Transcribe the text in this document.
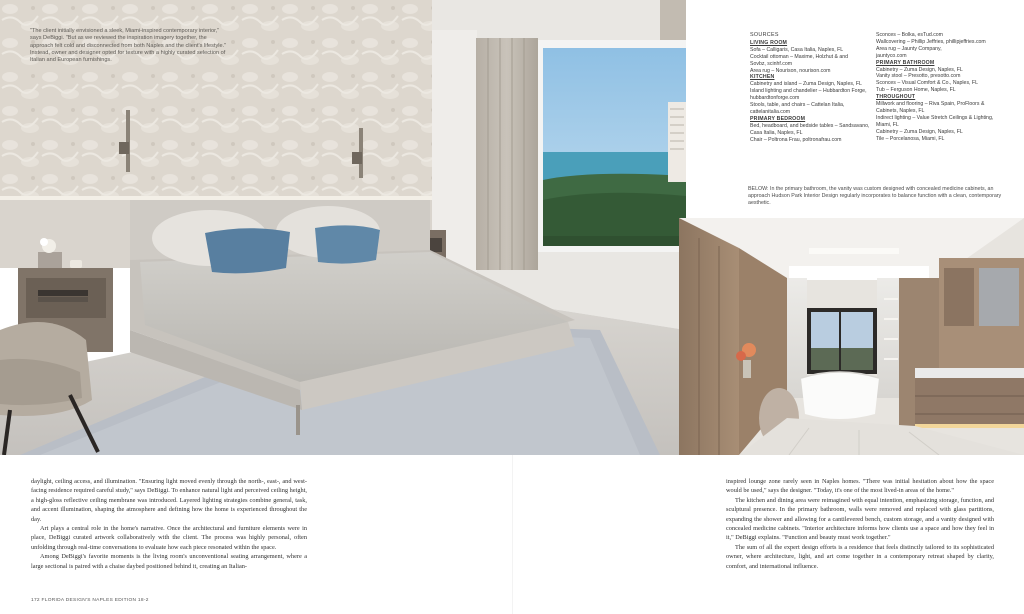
"The client initially envisioned a sleek, Miami-inspired contemporary interior," says DeBiggi. "But as we reviewed the inspiration imagery together, the approach felt cold and disconnected from both Naples and the client's lifestyle." Instead, owner and designer opted for texture with a highly curated selection of Italian and European furnishings.

SOURCES
LIVING ROOM

Sofa – Calligaris, Casa Italia, Naples, FL

Cocktail ottoman – Maxime, Holzhut & and

Sovbz, scinhf.com

Area rug – Nourison, nourison.com

KITCHEN

Cabinetry and island – Zuma Design, Naples, FL

Island lighting and chandelier – Hubbardton Forge,

hubbardtonforge.com

Stools, table, and chairs – Cattelan Italia,

cattelanitalia.com

PRIMARY BEDROOM

Bed, headboard, and bedside tables – Sandsavano,

Casa Italia, Naples, FL

Chair – Poltrona Frau, poltronafrau.com

Sconces – Bolka, esTud.com

Wallcovering – Phillip Jeffries, phillipjeffries.com

Area rug – Jaunty Company,

jauntyco.com

PRIMARY BATHROOM

Cabinetry – Zuma Design, Naples, FL

Vanity stool – Presotto, presotto.com

Sconces – Visual Comfort & Co., Naples, FL

Tub – Ferguson Home, Naples, FL

THROUGHOUT

Millwork and flooring – Riva Spain, ProFloors &

Cabinets, Naples, FL

Indirect lighting – Value Stretch Ceilings & Lighting,

Miami, FL

Cabinetry – Zuma Design, Naples, FL

Tile – Porcelanosa, Miami, FL

BELOW: In the primary bathroom, the vanity was custom designed with concealed medicine cabinets, an approach Hudson Park Interior Design regularly incorporates to balance function with a clean, contemporary aesthetic.

daylight, ceiling access, and illumination. "Ensuring light moved evenly through the north-, east-, and west-facing residence required careful study," says DeBiggi. To enhance natural light and perceived ceiling height, a high-gloss reflective ceiling membrane was introduced. Layered lighting strategies combine general, task, and accent illumination, shaping the atmosphere and defining how the home is experienced throughout the day.

Art plays a central role in the home's narrative. Once the architectural and furniture elements were in place, DeBiggi curated artwork collaboratively with the client. The process was highly personal, often unfolding through real-time conversations to evaluate how each piece resonated within the space.

Among DeBiggi's favorite moments is the living room's unconventional seating arrangement, where a large sectional is paired with a chaise daybed positioned behind it, creating an Italian-

inspired lounge zone rarely seen in Naples homes. "There was initial hesitation about how the space would be used," says the designer. "Today, it's one of the most lived-in areas of the home."

The kitchen and dining area were reimagined with equal intention, emphasizing storage, function, and sculptural presence. In the primary bathroom, walls were removed and replaced with glass partitions, expanding the shower and allowing for a cantilevered bench, custom storage, and a vanity designed with concealed medicine cabinets. "Interior architecture informs how clients use a space and how they feel in it," DeBiggi explains. "Function and beauty must work together."

The sum of all the expert design efforts is a residence that feels distinctly tailored to its sophisticated owner, where architecture, light, and art come together in a contemporary retreat shaped by clarity, comfort, and international influence.

172 FLORIDA DESIGN'S NAPLES EDITION 18-2
